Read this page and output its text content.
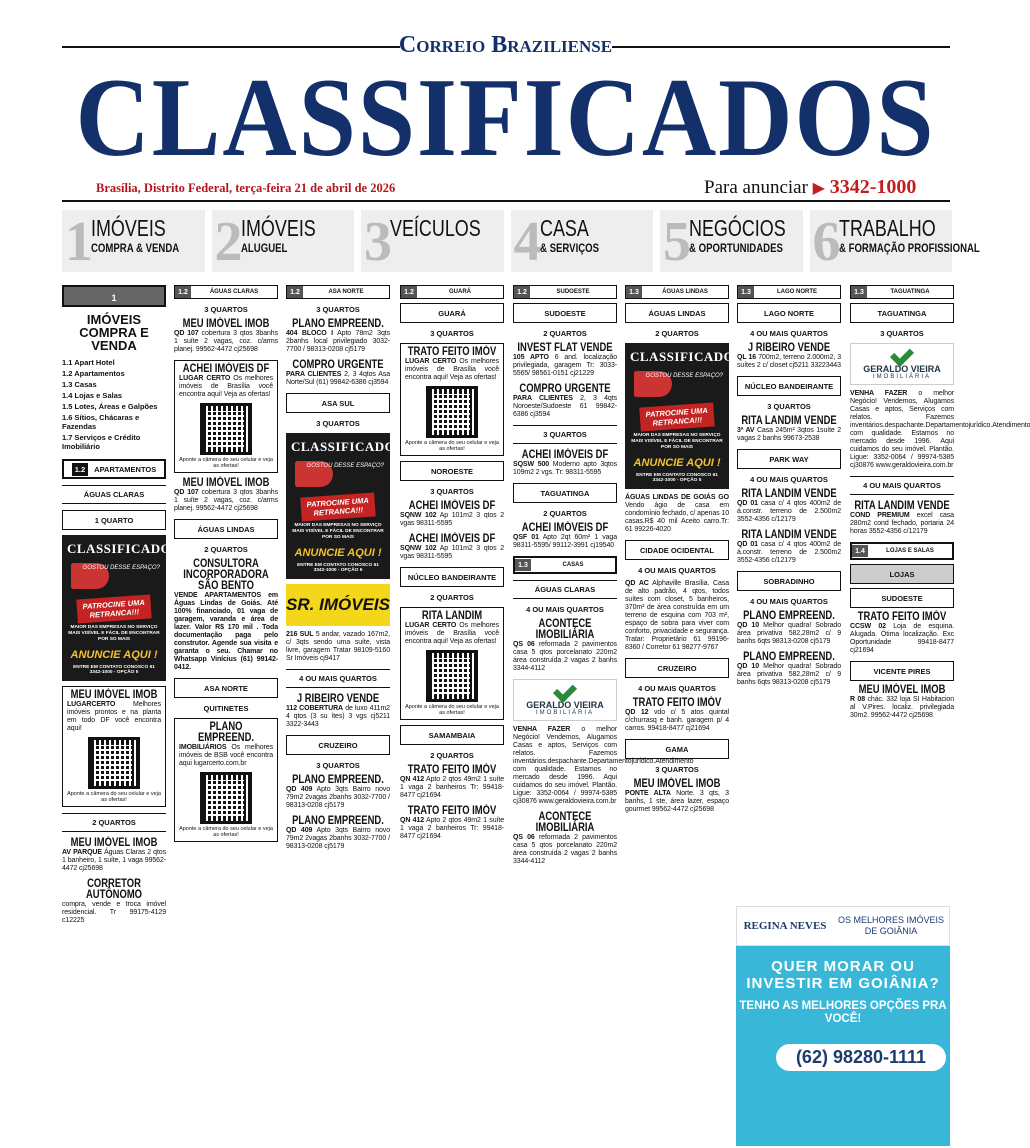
Correio Braziliense
CLASSIFICADOS
Brasília, Distrito Federal, terça-feira 21 de abril de 2026	Para anunciar ▶ 3342-1000
1
IMÓVEIS
COMPRA & VENDA 2
IMÓVEIS
ALUGUEL 3
VEÍCULOS 4
CASA
& SERVIÇOS 5
NEGÓCIOS
& OPORTUNIDADES 6
TRABALHO
& FORMAÇÃO PROFISSIONAL
1
IMÓVEIS COMPRA E VENDA
1.1 Apart Hotel
1.2 Apartamentos
1.3 Casas
1.4 Lojas e Salas
1.5 Lotes, Áreas e Galpões
1.6 Sítios, Chácaras e Fazendas
1.7 Serviços e Crédito Imobiliário
1.2	APARTAMENTOS
ÁGUAS CLARAS
1 QUARTO
CLASSIFICADOS
GOSTOU DESSE ESPAÇO?
PATROCINE UMA RETRANCA!!!
MAIOR DAS EMPRESAS NO SERVIÇO MAIS VISÍVEL E FÁCIL DE ENCONTRAR POR SO MAIS
ANUNCIE AQUI !
ENTRE EM CONTATO CONOSCO 61 3342-1000 - OPÇÃO 5
MEU IMÓVEL IMOB

LUGARCERTO	Melhores imóveis prontos e na planta em todo DF você encontra aqui!

Aponte a câmera do seu celular e veja as ofertas!
2 QUARTOS
MEU IMÓVEL IMOB

AV PARQUE Águas Claras 2 qtos 1 banheiro, 1 suíte, 1 vaga 99562-4472 cj25698

CORRETOR AUTÔNOMO

compra, vende e troca imóvel residencial. Tr 99175-4129 c12225

1.2	ÁGUAS CLARAS
3 QUARTOS
MEU IMÓVEL IMOB

QD 107 cobertura 3 qtos 3banhs 1 suíte 2 vagas, coz. c/arms planej. 99562-4472 cj25698

ACHEI IMÓVEIS DF

LUGAR CERTO Os melhores imóveis de Brasília você encontra aqui! Veja as ofertas!

Aponte a câmera do seu celular e veja as ofertas!
MEU IMÓVEL IMOB

QD 107 cobertura 3 qtos 3banhs 1 suíte 2 vagas, coz. c/arms planej. 99562-4472 cj25698

ÁGUAS LINDAS
2 QUARTOS
CONSULTORA INCORPORADORA SÃO BENTO

VENDE APARTAMENTOS em Águas Lindas de Goiás. Até 100% financiado, 01 vaga de garagem, varanda e área de lazer. Valor R$ 170 mil . Toda documentação paga pelo construtor. Agende sua visita e garanta o seu. Chamar no Whatsapp Vinícius (61) 99142-0412.

ASA NORTE
QUITINETES
PLANO EMPREEND.

IMOBILIÁRIOS Os melhores imóveis de BSB você encontra aqui lugarcerto.com.br

Aponte a câmera do seu celular e veja as ofertas!
1.2	ASA NORTE
3 QUARTOS
PLANO EMPREEND.

404 BLOCO I Apto 78m2 3qts 2banhs local privilegiado 3032-7700 / 98313-0208 cj5179

COMPRO URGENTE

PARA CLIENTES 2, 3 4qtos Asa Norte/Sul (61) 99842-6386 cj3594

ASA SUL
3 QUARTOS
CLASSIFICADOS
GOSTOU DESSE ESPAÇO?
PATROCINE UMA RETRANCA!!!
MAIOR DAS EMPRESAS NO SERVIÇO MAIS VISÍVEL E FÁCIL DE ENCONTRAR POR SO MAIS
ANUNCIE AQUI !
ENTRE EM CONTATO CONOSCO 61 3342-1000 - OPÇÃO 5
SR. IMÓVEIS

216 SUL 5 andar, vazado 167m2, c/ 3qts sendo uma suíte, vista livre, garagem Tratar 98109-5160 Sr Imóveis cj9417

4 OU MAIS QUARTOS
J RIBEIRO VENDE

112 COBERTURA de luxo 411m2 4 qtos (3 su ítes) 3 vgs cj5211 3322-3443

CRUZEIRO
3 QUARTOS
PLANO EMPREEND.

QD 409 Apto 3qts Bairro novo 79m2 2vagas 2banhs 3032-7700 / 98313-0208 cj5179

PLANO EMPREEND.

QD 409 Apto 3qts Bairro novo 79m2 2vagas 2banhs 3032-7700 / 98313-0208 cj5179

1.2	GUARÁ
GUARÁ
3 QUARTOS
TRATO FEITO IMÓV

LUGAR CERTO Os melhores imóveis de Brasília você encontra aqui! Veja as ofertas!

Aponte a câmera do seu celular e veja as ofertas!
NOROESTE
3 QUARTOS
ACHEI IMÓVEIS DF

SQNW 102 Ap 101m2 3 qtos 2 vgas 98311-5595

ACHEI IMÓVEIS DF

SQNW 102 Ap 101m2 3 qtos 2 vgas 98311-5595

NÚCLEO BANDEIRANTE
2 QUARTOS
RITA LANDIM

LUGAR CERTO Os melhores imóveis de Brasília você encontra aqui! Veja as ofertas!

Aponte a câmera do seu celular e veja as ofertas!
SAMAMBAIA
2 QUARTOS
TRATO FEITO IMÓV

QN 412 Apto 2 qtos 49m2 1 suíte 1 vaga 2 banheiros Tr: 99418-8477 cj21694

TRATO FEITO IMÓV

QN 412 Apto 2 qtos 49m2 1 suíte 1 vaga 2 banheiros Tr: 99418-8477 cj21694

1.2	SUDOESTE
SUDOESTE
2 QUARTOS
INVEST FLAT VENDE

105 APTO 6 and. localização privilegiada, garagem Tr: 3033-5565/ 98561-0151 cj21229

COMPRO URGENTE

PARA CLIENTES 2, 3 4qts Noroeste/Sudoeste 61 99842-6386 cj3594

3 QUARTOS
ACHEI IMÓVEIS DF

SQSW 500 Moderno apto 3qtos 109m2 2 vgs. Tr: 98311-5595

TAGUATINGA
2 QUARTOS
ACHEI IMÓVEIS DF

QSF 01 Apto 2qt 60m² 1 vaga 98311-5595/ 99112-3991 cj19540

1.3	CASAS
ÁGUAS CLARAS
4 OU MAIS QUARTOS
ACONTECE IMOBILIÁRIA

QS 06 reformada 2 pavimentos casa 5 qtos porcelanato 220m2 área construída 2 vagas 2 banhs 3344-4112

GERALDO VIEIRA
IMOBILIÁRIA

VENHA FAZER o melhor Negócio! Vendemos, Alugamos Casas e aptos, Serviços com relatos. Fazemos inventários.despachante.Departamentojurídico.Atendimento com qualidade. Estamos no mercado desde 1996. Aqui cuidamos do seu imóvel. Plantão. Ligue: 3352-0064 / 99974-5385 cj30876 www.geraldovieira.com.br

ACONTECE IMOBILIÁRIA

QS 06 reformada 2 pavimentos casa 5 qtos porcelanato 220m2 área construída 2 vagas 2 banhs 3344-4112

1.3	ÁGUAS LINDAS
ÁGUAS LINDAS
2 QUARTOS
CLASSIFICADOS
GOSTOU DESSE ESPAÇO?
PATROCINE UMA RETRANCA!!!
MAIOR DAS EMPRESAS NO SERVIÇO MAIS VISÍVEL E FÁCIL DE ENCONTRAR POR SO MAIS
ANUNCIE AQUI !
ENTRE EM CONTATO CONOSCO 61 3342-1000 - OPÇÃO 5

ÁGUAS LINDAS DE GOIÁS GO Vendo ágio de casa em condomínio fechado, c/ apenas 10 casas.R$ 40 mil Aceito carro.Tr: 61 99226-4020

CIDADE OCIDENTAL
4 OU MAIS QUARTOS

QD AC Alphaville Brasília. Casa de alto padrão, 4 qtos, todos suítes com closet, 5 banheiros, 370m² de área construída em um terreno de esquina com 703 m², espaço de sobra para viver com conforto, privacidade e segurança. Tratar: Proprietário 61 99196-8360 / Corretor 61 98277-9767

CRUZEIRO
4 OU MAIS QUARTOS
TRATO FEITO IMÓV

QD 12 vdo c/ 5 atos quintal c/churrasq e banh. garagem p/ 4 carros. 99418-8477 cj21694

GAMA
3 QUARTOS
MEU IMÓVEL IMOB

PONTE ALTA Norte. 3 qts, 3 banhs, 1 ste, área lazer, espaço gourmet 99562-4472 cj25698

1.3	LAGO NORTE
LAGO NORTE
4 OU MAIS QUARTOS
J RIBEIRO VENDE

QL 16 700m2, terreno 2.000m2, 3 suítes 2 c/ closet cj5211 33223443

NÚCLEO BANDEIRANTE
3 QUARTOS
RITA LANDIM VENDE

3ª AV Casa 245m² 3qtos 1suíte 2 vagas 2 banhs 99673-2538

PARK WAY
4 OU MAIS QUARTOS
RITA LANDIM VENDE

QD 01 casa c/ 4 qtos 400m2 de á.constr. terreno de 2.500m2 3552-4356 c/12179

RITA LANDIM VENDE

QD 01 casa c/ 4 qtos 400m2 de á.constr. terreno de 2.500m2 3552-4356 c/12179

SOBRADINHO
4 OU MAIS QUARTOS
PLANO EMPREEND.

QD 10 Melhor quadra! Sobrado área privativa 582,28m2 c/ 9 banhs 6qts 98313-0208 cj5179

PLANO EMPREEND.

QD 10 Melhor quadra! Sobrado área privativa 582,28m2 c/ 9 banhs 6qts 98313-0208 cj5179

1.3	TAGUATINGA
TAGUATINGA
3 QUARTOS
GERALDO VIEIRA
IMOBILIÁRIA

VENHA FAZER o melhor Negócio! Vendemos, Alugamos Casas e aptos, Serviços com relatos. Fazemos inventários.despachante.Departamentojurídico.Atendimento com qualidade. Estamos no mercado desde 1996. Aqui cuidamos do seu imóvel. Plantão. Ligue: 3352-0064 / 99974-5385 cj30876 www.geraldovieira.com.br

4 OU MAIS QUARTOS
RITA LANDIM VENDE

COND PREMIUM excel casa 280m2 cond fechado, portaria 24 horas 3552-4356 c/12179

1.4	LOJAS E SALAS
LOJAS
SUDOESTE
TRATO FEITO IMÓV

CCSW 02 Loja de esquina. Alugada. Ótima localização. Exc Oportunidade 99418-8477 cj21694

VICENTE PIRES
MEU IMÓVEL IMOB

R 08 chác. 332 loja SI Habitacion al V.Pires. localiz. privilegiada 30m2. 99562-4472 cj25698

REGINA NEVES	OS MELHORES IMÓVEIS DE GOIÂNIA
QUER MORAR OU INVESTIR EM GOIÂNIA?
TENHO AS MELHORES OPÇÕES PRA VOCÊ!
(62) 98280-1111
